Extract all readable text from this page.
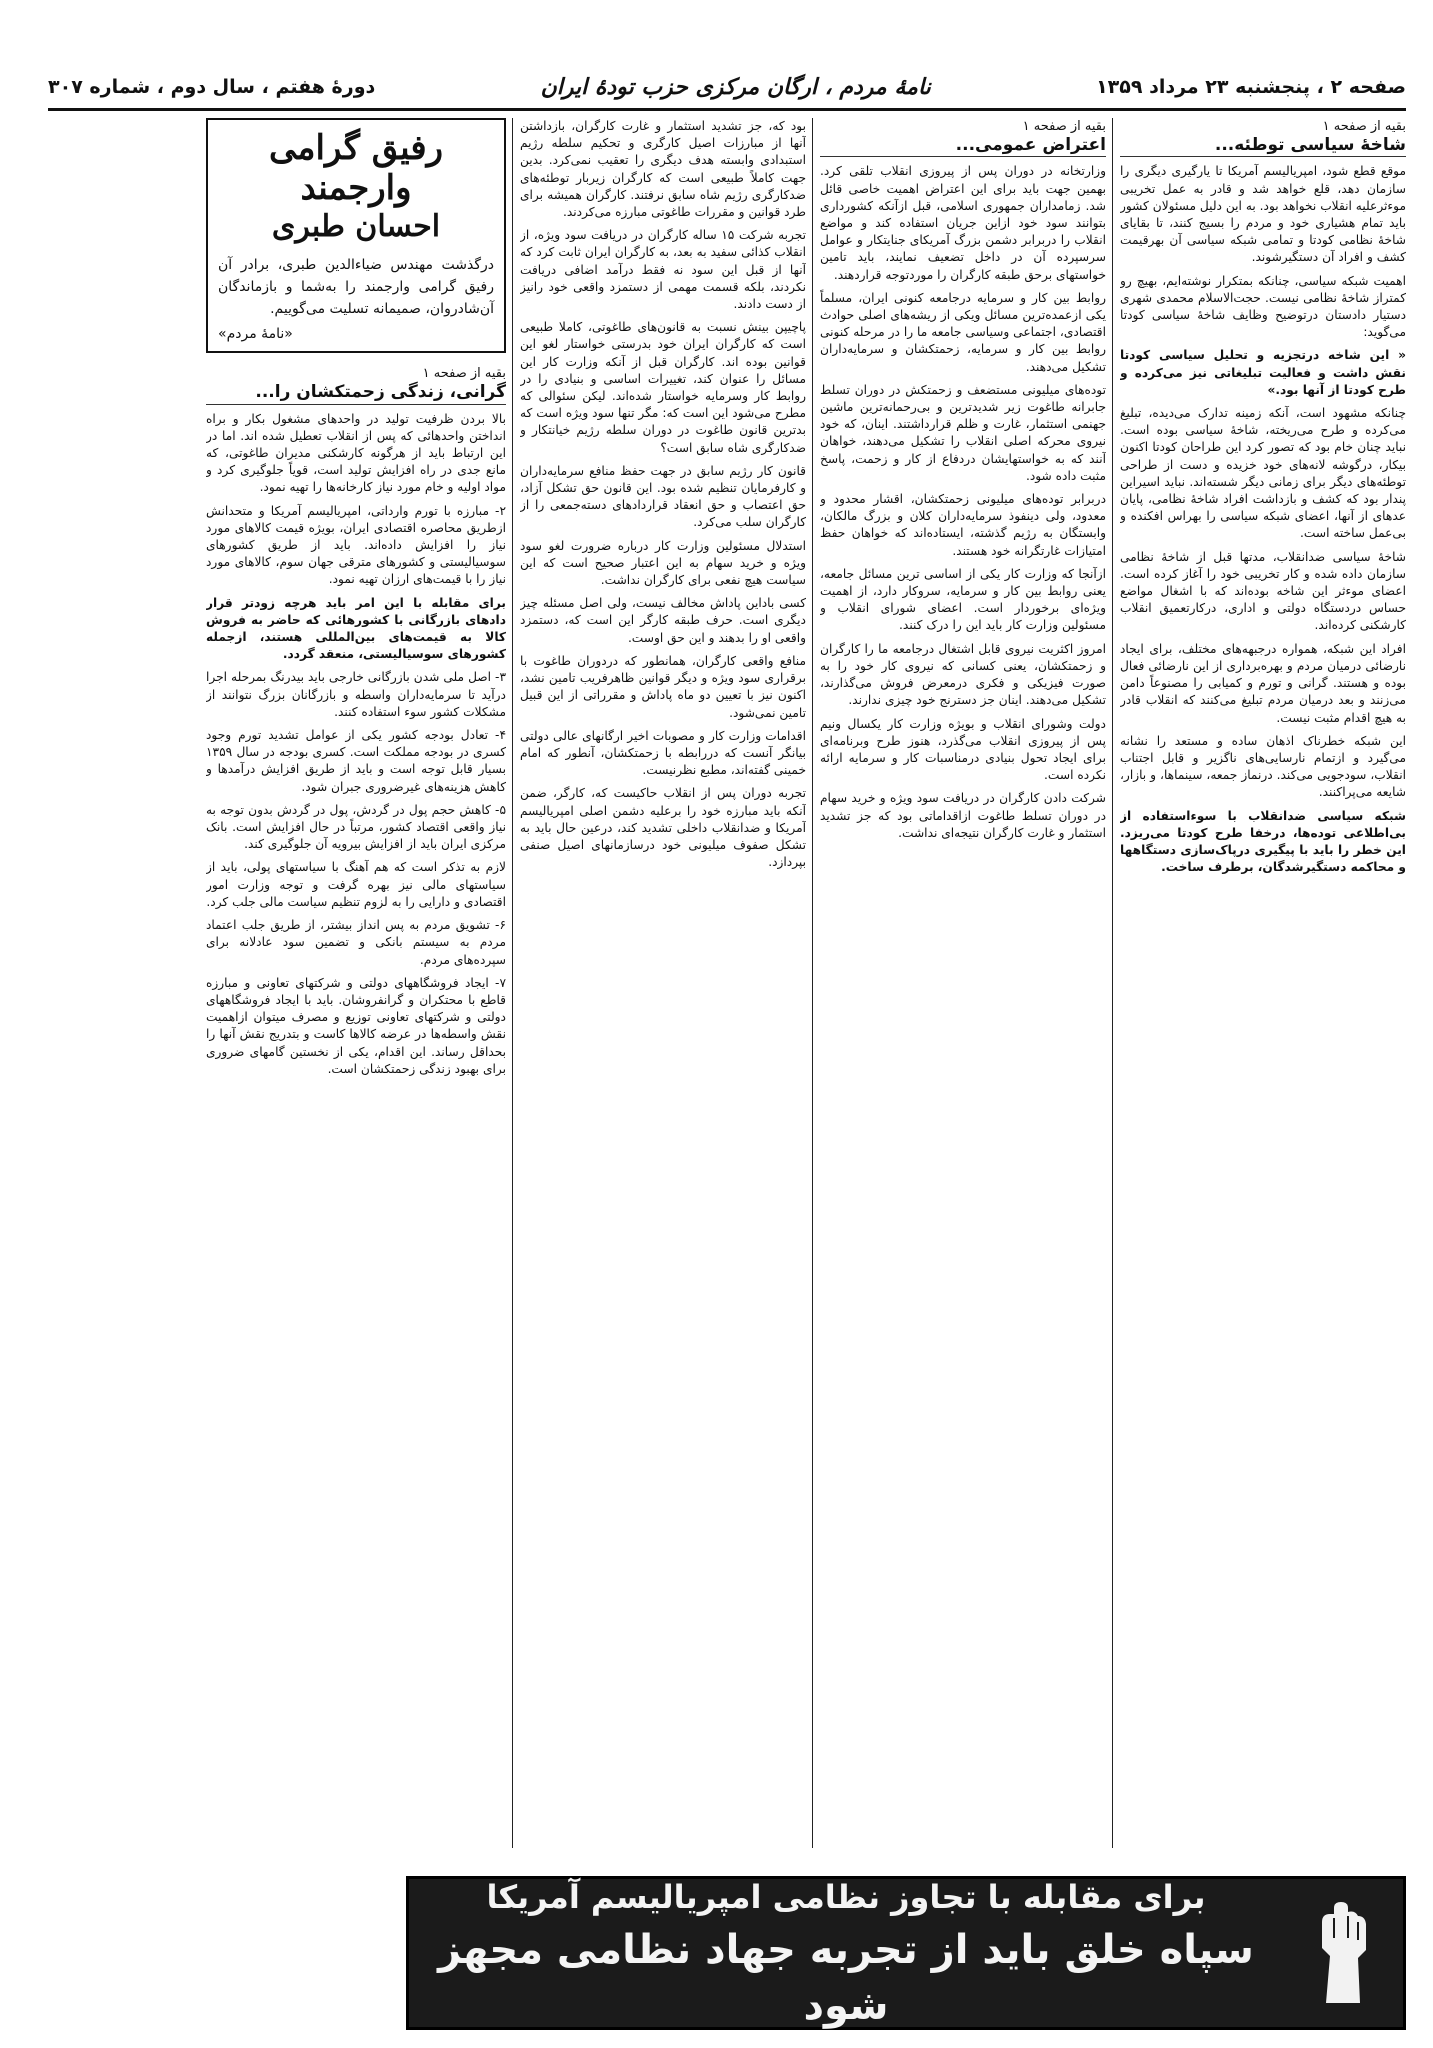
صفحه ۲ ، پنجشنبه ۲۳ مرداد ۱۳۵۹
نامهٔ مردم ، ارگان مرکزی حزب تودهٔ ایران
دورهٔ هفتم ، سال دوم ، شماره ۳۰۷
بقیه از صفحه ۱
شاخهٔ سیاسی توطئه...

موقع قطع شود، امپریالیسم آمریکا تا یارگیری دیگری را سازمان دهد، قلع خواهد شد و قادر به عمل تخریبی موءثرعلیه انقلاب نخواهد بود. به این دلیل مسئولان کشور باید تمام هشیاری خود و مردم را بسیج کنند، تا بقایای شاخهٔ نظامی کودتا و تمامی شبکه سیاسی آن بهرقیمت کشف و افراد آن دستگیرشوند.

اهمیت شبکه سیاسی، چنانکه بمتکرار نوشته‌ایم، بهیچ رو کمتراز شاخهٔ نظامی نیست. حجت‌الاسلام محمدی شهری دستیار دادستان درتوضیح وظایف شاخهٔ سیاسی کودتا می‌گوید:

« این شاخه درتجزیه و تحلیل سیاسی کودتا نقش داشت و فعالیت تبلیغاتی نیز می‌کرده و طرح کودتا از آنها بود.»

چنانکه مشهود است، آنکه زمینه تدارک می‌دیده، تبلیغ می‌کرده و طرح می‌ریخته، شاخهٔ سیاسی بوده است. نباید چنان خام بود که تصور کرد این طراحان کودتا اکنون بیکار، درگوشه لانه‌های خود خزیده و دست از طراحی توطئه‌های دیگر برای زمانی دیگر شسته‌اند. نباید اسیراین پندار بود که کشف و بازداشت افراد شاخهٔ نظامی، پایان عدهای از آنها، اعضای شبکه سیاسی را بهراس افکنده و بی‌عمل ساخته است.

شاخهٔ سیاسی ضدانقلاب، مدتها قبل از شاخهٔ نظامی سازمان داده شده و کار تخریبی خود را آغاز کرده است. اعضای موءثر این شاخه بوده‌اند که با اشغال مواضع حساس دردستگاه دولتی و اداری، درکارتعمیق انقلاب کارشکنی کرده‌اند.

افراد این شبکه، همواره درجبهه‌های مختلف، برای ایجاد نارضائی درمیان مردم و بهره‌برداری از این نارضائی فعال بوده و هستند. گرانی و تورم و کمیابی را مصنوعاً دامن می‌زنند و بعد درمیان مردم تبلیغ می‌کنند که انقلاب قادر به هیچ اقدام مثبت نیست.

این شبکه خطرناک اذهان ساده و مستعد را نشانه می‌گیرد و ازتمام نارسایی‌های ناگزیر و قابل اجتناب انقلاب، سودجویی می‌کند. درنماز جمعه، سینماها، و بازار، شایعه می‌پراکنند.

شبکه سیاسی ضدانقلاب با سوءاستفاده از بی‌اطلاعی توده‌ها، درخفا طرح کودتا می‌ریزد. این خطر را باید با پیگیری درپاک‌سازی دستگاهها و محاکمه دستگیرشدگان، برطرف ساخت.

بقیه از صفحه ۱
اعتراض عمومی...

وزارتخانه در دوران پس از پیروزی انقلاب تلقی کرد. بهمین جهت باید برای این اعتراض اهمیت خاصی قائل شد. زمامداران جمهوری اسلامی، قبل ازآنکه کشورداری بتوانند سود خود ازاین جریان استفاده کند و مواضع انقلاب را دربرابر دشمن بزرگ آمریکای جنایتکار و عوامل سرسپرده آن در داخل تضعیف نمایند، باید تامین خواستهای برحق طبقه کارگران را موردتوجه قراردهند.

روابط بین کار و سرمایه درجامعه کنونی ایران، مسلماً یکی ازعمده‌ترین مسائل ویکی از ریشه‌های اصلی حوادث اقتصادی، اجتماعی وسیاسی جامعه ما را در مرحله کنونی روابط بین کار و سرمایه، زحمتکشان و سرمایه‌داران تشکیل می‌دهند.

توده‌های میلیونی مستضعف و زحمتکش در دوران تسلط جابرانه طاغوت زیر شدیدترین و بی‌رحمانه‌ترین ماشین جهنمی استثمار، غارت و ظلم قرارداشتند. اینان، که خود نیروی محرکه اصلی انقلاب را تشکیل می‌دهند، خواهان آنند که به خواستهایشان دردفاع از کار و زحمت، پاسخ مثبت داده شود.

دربرابر توده‌های میلیونی زحمتکشان، اقشار محدود و معدود، ولی دینفوذ سرمایه‌داران کلان و بزرگ مالکان، وابستگان به رژیم گذشته، ایستاده‌اند که خواهان حفظ امتیازات غارتگرانه خود هستند.

ازآنجا که وزارت کار یکی از اساسی ترین مسائل جامعه، یعنی روابط بین کار و سرمایه، سروکار دارد، از اهمیت ویژه‌ای برخوردار است. اعضای شورای انقلاب و مسئولین وزارت کار باید این را درک کنند.

امروز اکثریت نیروی قابل اشتغال درجامعه ما را کارگران و زحمتکشان، یعنی کسانی که نیروی کار خود را به صورت فیزیکی و فکری درمعرض فروش می‌گذارند، تشکیل می‌دهند. اینان جز دسترنج خود چیزی ندارند.

دولت وشورای انقلاب و بویژه وزارت کار یکسال ونیم پس از پیروزی انقلاب می‌گذرد، هنوز طرح وبرنامه‌ای برای ایجاد تحول بنیادی درمناسبات کار و سرمایه ارائه نکرده است.

شرکت دادن کارگران در دریافت سود ویژه و خرید سهام در دوران تسلط طاغوت ازاقداماتی بود که جز تشدید استثمار و غارت کارگران نتیجه‌ای نداشت.

بود که، جز تشدید استثمار و غارت کارگران، بازداشتن آنها از مبارزات اصیل کارگری و تحکیم سلطه رژیم استبدادی وابسته هدف دیگری را تعقیب نمی‌کرد. بدین جهت کاملاً طبیعی است که کارگران زیربار توطئه‌های ضدکارگری رژیم شاه سابق نرفتند. کارگران همیشه برای طرد قوانین و مقررات طاغوتی مبارزه می‌کردند.

تجربه شرکت ۱۵ ساله کارگران در دریافت سود ویژه، از انقلاب کذائی سفید به بعد، به کارگران ایران ثابت کرد که آنها از قبل این سود نه فقط درآمد اضافی دریافت نکردند، بلکه قسمت مهمی از دستمزد واقعی خود رانیز از دست دادند.

پاچیپن بینش نسبت به قانون‌های طاغوتی، کاملا طبیعی است که کارگران ایران خود بدرستی خواستار لغو این قوانین بوده اند. کارگران قبل از آنکه وزارت کار این مسائل را عنوان کند، تغییرات اساسی و بنیادی را در روابط کار وسرمایه خواستار شده‌اند. لیکن سئوالی که مطرح می‌شود این است که: مگر تنها سود ویژه است که بدترین قانون طاغوت در دوران سلطه رژیم خیانتکار و ضدکارگری شاه سابق است؟

قانون کار رژیم سابق در جهت حفظ منافع سرمایه‌داران و کارفرمایان تنظیم شده بود. این قانون حق تشکل آزاد، حق اعتصاب و حق انعقاد قراردادهای دسته‌جمعی را از کارگران سلب می‌کرد.

استدلال مسئولین وزارت کار درباره ضرورت لغو سود ویژه و خرید سهام به این اعتبار صحیح است که این سیاست هیچ نفعی برای کارگران نداشت.

کسی باداین پاداش مخالف نیست، ولی اصل مسئله چیز دیگری است. حرف طبقه کارگر این است که، دستمزد واقعی او را بدهند و این حق اوست.

منافع واقعی کارگران، همانطور که دردوران طاغوت با برقراری سود ویژه و دیگر قوانین ظاهرفریب تامین نشد، اکنون نیز با تعیین دو ماه پاداش و مقرراتی از این قبیل تامین نمی‌شود.

اقدامات وزارت کار و مصوبات اخیر ارگانهای عالی دولتی بیانگر آنست که دررابطه با زحمتکشان، آنطور که امام خمینی گفته‌اند، مطبع نظرنیست.

تجربه دوران پس از انقلاب حاکیست که، کارگر، ضمن آنکه باید مبارزه خود را برعلیه دشمن اصلی امپریالیسم آمریکا و ضدانقلاب داخلی تشدید کند، درعین حال باید به تشکل صفوف میلیونی خود درسازمانهای اصیل صنفی بپردازد.

رفیق گرامی وارجمند
احسان طبری
درگذشت مهندس ضیاءالدین طبری، برادر آن رفیق گرامی وارجمند را به‌شما و بازماندگان آن‌شادروان، صمیمانه تسلیت می‌گوییم.
«نامهٔ مردم»
بقیه از صفحه ۱
گرانی، زندگی زحمتکشان را...

بالا بردن ظرفیت تولید در واحدهای مشغول بکار و براه انداختن واحدهائی که پس از انقلاب تعطیل شده اند. اما در این ارتباط باید از هرگونه کارشکنی مدیران طاغوتی، که مانع جدی در راه افزایش تولید است، قویاً جلوگیری کرد و مواد اولیه و خام مورد نیاز کارخانه‌ها را تهیه نمود.

۲- مبارزه با تورم وارداتی، امپریالیسم آمریکا و متحدانش ازطریق محاصره اقتصادی ایران، بویژه قیمت کالاهای مورد نیاز را افزایش داده‌اند. باید از طریق کشورهای سوسیالیستی و کشورهای مترقی جهان سوم، کالاهای مورد نیاز را با قیمت‌های ارزان تهیه نمود.

برای مقابله با این امر باید هرچه زودتر قرار دادهای بازرگانی با کشورهائی که حاضر به فروش کالا به قیمت‌های بین‌المللی هستند، ازجمله کشورهای سوسیالیستی، منعقد گردد.

۳- اصل ملی شدن بازرگانی خارجی باید بیدرنگ بمرحله اجرا درآید تا سرمایه‌داران واسطه و بازرگانان بزرگ نتوانند از مشکلات کشور سوء استفاده کنند.

۴- تعادل بودجه کشور یکی از عوامل تشدید تورم وجود کسری در بودجه مملکت است. کسری بودجه در سال ۱۳۵۹ بسیار قابل توجه است و باید از طریق افزایش درآمدها و کاهش هزینه‌های غیرضروری جبران شود.

۵- کاهش حجم پول در گردش، پول در گردش بدون توجه به نیاز واقعی اقتصاد کشور، مرتباً در حال افزایش است. بانک مرکزی ایران باید از افزایش بیرویه آن جلوگیری کند.

لازم به تذکر است که هم آهنگ با سیاستهای پولی، باید از سیاستهای مالی نیز بهره گرفت و توجه وزارت امور اقتصادی و دارایی را به لزوم تنظیم سیاست مالی جلب کرد.

۶- تشویق مردم به پس انداز بیشتر، از طریق جلب اعتماد مردم به سیستم بانکی و تضمین سود عادلانه برای سپرده‌های مردم.

۷- ایجاد فروشگاههای دولتی و شرکتهای تعاونی و مبارزه قاطع با محتکران و گرانفروشان. باید با ایجاد فروشگاههای دولتی و شرکتهای تعاونی توزیع و مصرف میتوان ازاهمیت نقش واسطه‌ها در عرضه کالاها کاست و بتدریج نقش آنها را بحداقل رساند. این اقدام، یکی از نخستین گامهای ضروری برای بهبود زندگی زحمتکشان است.

برای مقابله با تجاوز نظامی امپریالیسم آمریکا
سپاه خلق باید از تجربه جهاد نظامی مجهز شود
